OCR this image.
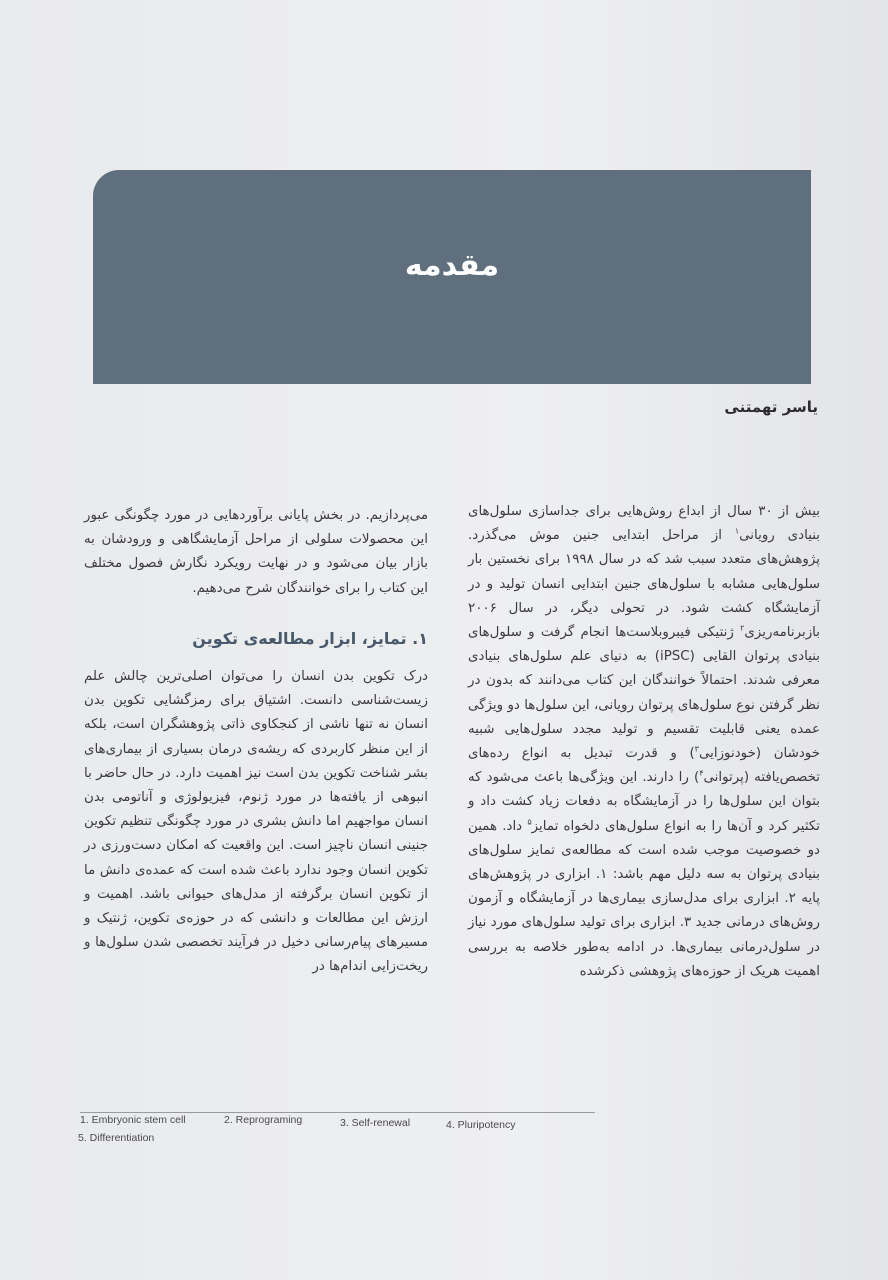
مقدمه
یاسر تهمتنی

بیش از ۳۰ سال از ابداع روش‌هایی برای جداسازی سلول‌های بنیادی رویانی$^۱$ از مراحل ابتدایی جنین موش می‌گذرد. پژوهش‌های متعدد سبب شد که در سال ۱۹۹۸ برای نخستین بار سلول‌هایی مشابه با سلول‌های جنین ابتدایی انسان تولید و در آزمایشگاه کشت شود. در تحولی دیگر، در سال ۲۰۰۶ بازبرنامه‌ریزی$^۲$ ژنتیکی فیبروبلاست‌ها انجام گرفت و سلول‌های بنیادی پرتوان القایی (iPSC) به دنیای علم سلول‌های بنیادی معرفی شدند. احتمالاً خوانندگان این کتاب می‌دانند که بدون در نظر گرفتن نوع سلول‌های پرتوان رویانی، این سلول‌ها دو ویژگی عمده یعنی قابلیت تقسیم و تولید مجدد سلول‌هایی شبیه خودشان (خودنوزایی$^۳$) و قدرت تبدیل به انواع رده‌های تخصص‌یافته (پرتوانی$^۴$) را دارند. این ویژگی‌ها باعث می‌شود که بتوان این سلول‌ها را در آزمایشگاه به دفعات زیاد کشت داد و تکثیر کرد و آن‌ها را به انواع سلول‌های دلخواه تمایز$^۵$ داد. همین دو خصوصیت موجب شده است که مطالعه‌ی تمایز سلول‌های بنیادی پرتوان به سه دلیل مهم باشد: ۱. ابزاری در پژوهش‌های پایه ۲. ابزاری برای مدل‌سازی بیماری‌ها در آزمایشگاه و آزمون روش‌های درمانی جدید ۳. ابزاری برای تولید سلول‌های مورد نیاز در سلول‌درمانی بیماری‌ها. در ادامه به‌طور خلاصه به بررسی اهمیت هریک از حوزه‌های پژوهشی ذکرشده

می‌پردازیم. در بخش پایانی برآوردهایی در مورد چگونگی عبور این محصولات سلولی از مراحل آزمایشگاهی و ورودشان به بازار بیان می‌شود و در نهایت رویکرد نگارش فصول مختلف این کتاب را برای خوانندگان شرح می‌دهیم.

۱. تمایز، ابزار مطالعه‌ی تکوین

درک تکوین بدن انسان را می‌توان اصلی‌ترین چالش علم زیست‌شناسی دانست. اشتیاق برای رمزگشایی تکوین بدن انسان نه تنها ناشی از کنجکاوی ذاتی پژوهشگران است، بلکه از این منظر کاربردی که ریشه‌ی درمان بسیاری از بیماری‌های بشر شناخت تکوین بدن است نیز اهمیت دارد. در حال حاضر با انبوهی از یافته‌ها در مورد ژنوم، فیزیولوژی و آناتومی بدن انسان مواجهیم اما دانش بشری در مورد چگونگی تنظیم تکوین جنینی انسان ناچیز است. این واقعیت که امکان دست‌ورزی در تکوین انسان وجود ندارد باعث شده است که عمده‌ی دانش ما از تکوین انسان برگرفته از مدل‌های حیوانی باشد. اهمیت و ارزش این مطالعات و دانشی که در حوزه‌ی تکوین، ژنتیک و مسیرهای پیام‌رسانی دخیل در فرآیند تخصصی شدن سلول‌ها و ریخت‌زایی اندام‌ها در

1. Embryonic stem cell	2. Reprograming	3. Self-renewal	4. Pluripotency
5. Differentiation
